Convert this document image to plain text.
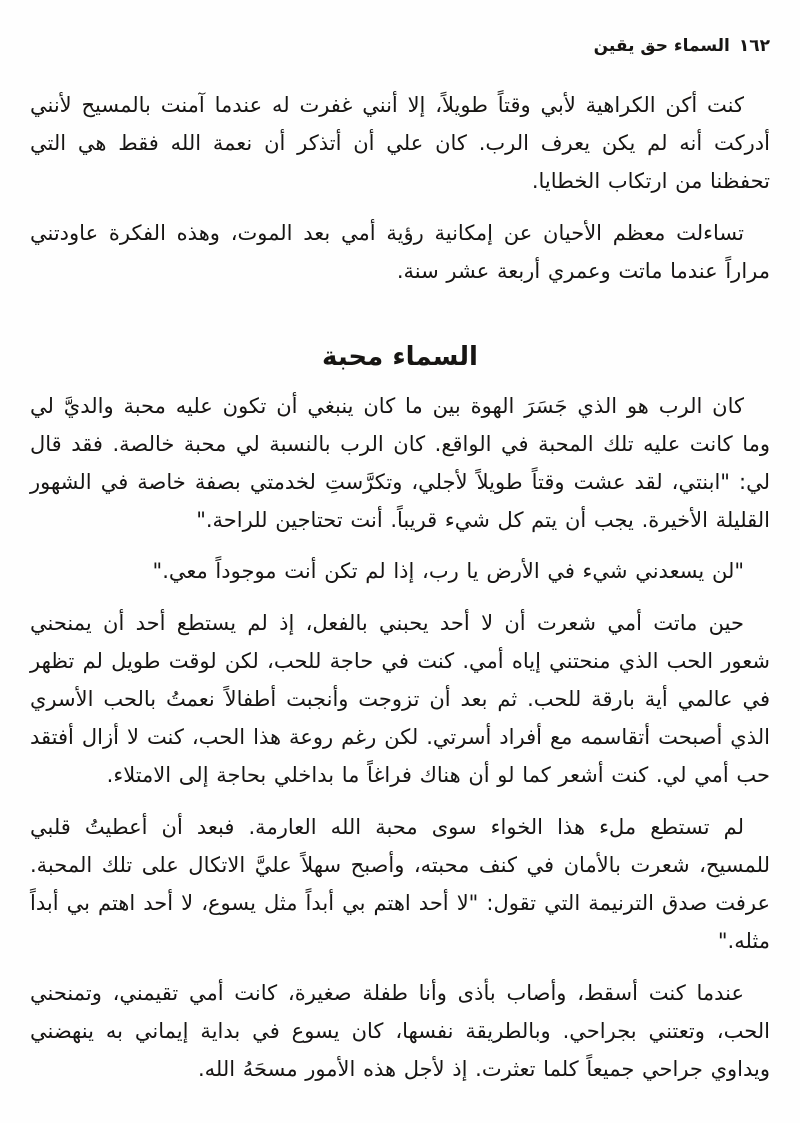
١٦٢السماء حق يقين

كنت أكن الكراهية لأبي وقتاً طويلاً، إلا أنني غفرت له عندما آمنت بالمسيح لأنني أدركت أنه لم يكن يعرف الرب. كان علي أن أتذكر أن نعمة الله فقط هي التي تحفظنا من ارتكاب الخطايا.

تساءلت معظم الأحيان عن إمكانية رؤية أمي بعد الموت، وهذه الفكرة عاودتني مراراً عندما ماتت وعمري أربعة عشر سنة.

السماء محبة

كان الرب هو الذي جَسَرَ الهوة بين ما كان ينبغي أن تكون عليه محبة والديَّ لي وما كانت عليه تلك المحبة في الواقع. كان الرب بالنسبة لي محبة خالصة. فقد قال لي: "ابنتي، لقد عشت وقتاً طويلاً لأجلي، وتكرَّستِ لخدمتي بصفة خاصة في الشهور القليلة الأخيرة. يجب أن يتم كل شيء قريباً. أنت تحتاجين للراحة."

"لن يسعدني شيء في الأرض يا رب، إذا لم تكن أنت موجوداً معي."

حين ماتت أمي شعرت أن لا أحد يحبني بالفعل، إذ لم يستطع أحد أن يمنحني شعور الحب الذي منحتني إياه أمي. كنت في حاجة للحب، لكن لوقت طويل لم تظهر في عالمي أية بارقة للحب. ثم بعد أن تزوجت وأنجبت أطفالاً نعمتُ بالحب الأسري الذي أصبحت أتقاسمه مع أفراد أسرتي. لكن رغم روعة هذا الحب، كنت لا أزال أفتقد حب أمي لي. كنت أشعر كما لو أن هناك فراغاً ما بداخلي بحاجة إلى الامتلاء.

لم تستطع ملء هذا الخواء سوى محبة الله العارمة. فبعد أن أعطيتُ قلبي للمسيح، شعرت بالأمان في كنف محبته، وأصبح سهلاً عليَّ الاتكال على تلك المحبة. عرفت صدق الترنيمة التي تقول: "لا أحد اهتم بي أبداً مثل يسوع، لا أحد اهتم بي أبداً مثله."

عندما كنت أسقط، وأصاب بأذى وأنا طفلة صغيرة، كانت أمي تقيمني، وتمنحني الحب، وتعتني بجراحي. وبالطريقة نفسها، كان يسوع في بداية إيماني به ينهضني ويداوي جراحي جميعاً كلما تعثرت. إذ لأجل هذه الأمور مسحَهُ الله.
